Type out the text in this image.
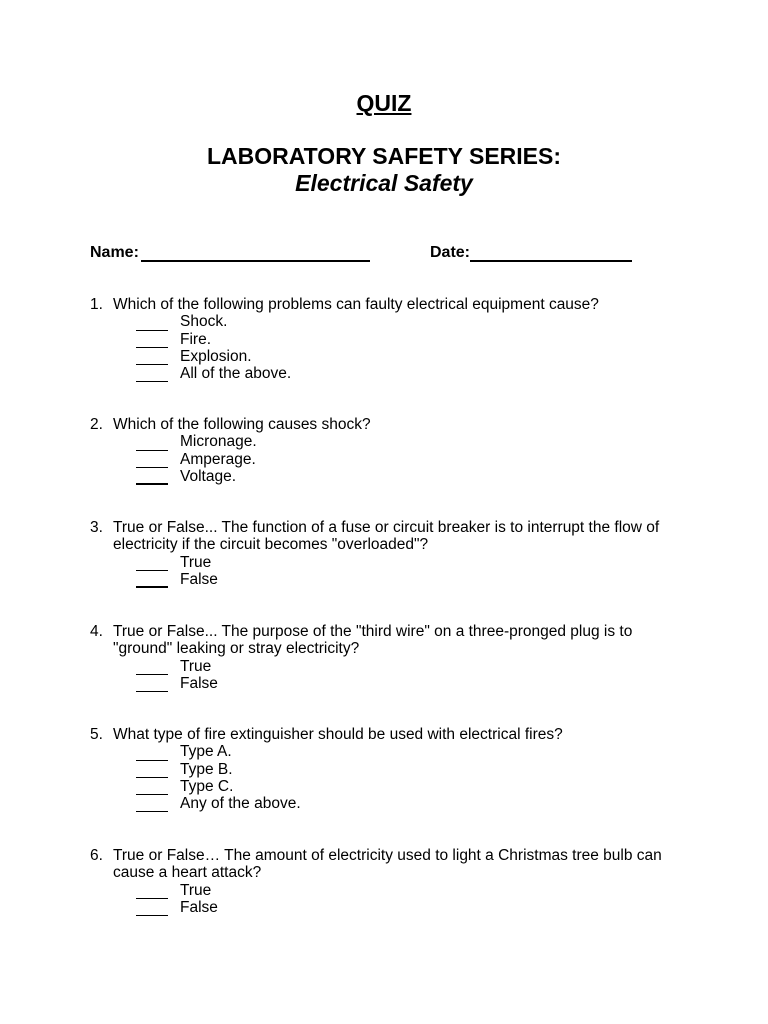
QUIZ
LABORATORY SAFETY SERIES:
Electrical Safety
Name:	Date:
1. Which of the following problems can faulty electrical equipment cause?
Shock.
Fire.
Explosion.
All of the above.
2. Which of the following causes shock?
Micronage.
Amperage.
Voltage.
3. True or False... The function of a fuse or circuit breaker is to interrupt the flow of electricity if the circuit becomes "overloaded"?
True
False
4. True or False... The purpose of the "third wire" on a three-pronged plug is to "ground" leaking or stray electricity?
True
False
5. What type of fire extinguisher should be used with electrical fires?
Type A.
Type B.
Type C.
Any of the above.
6. True or False… The amount of electricity used to light a Christmas tree bulb can cause a heart attack?
True
False
